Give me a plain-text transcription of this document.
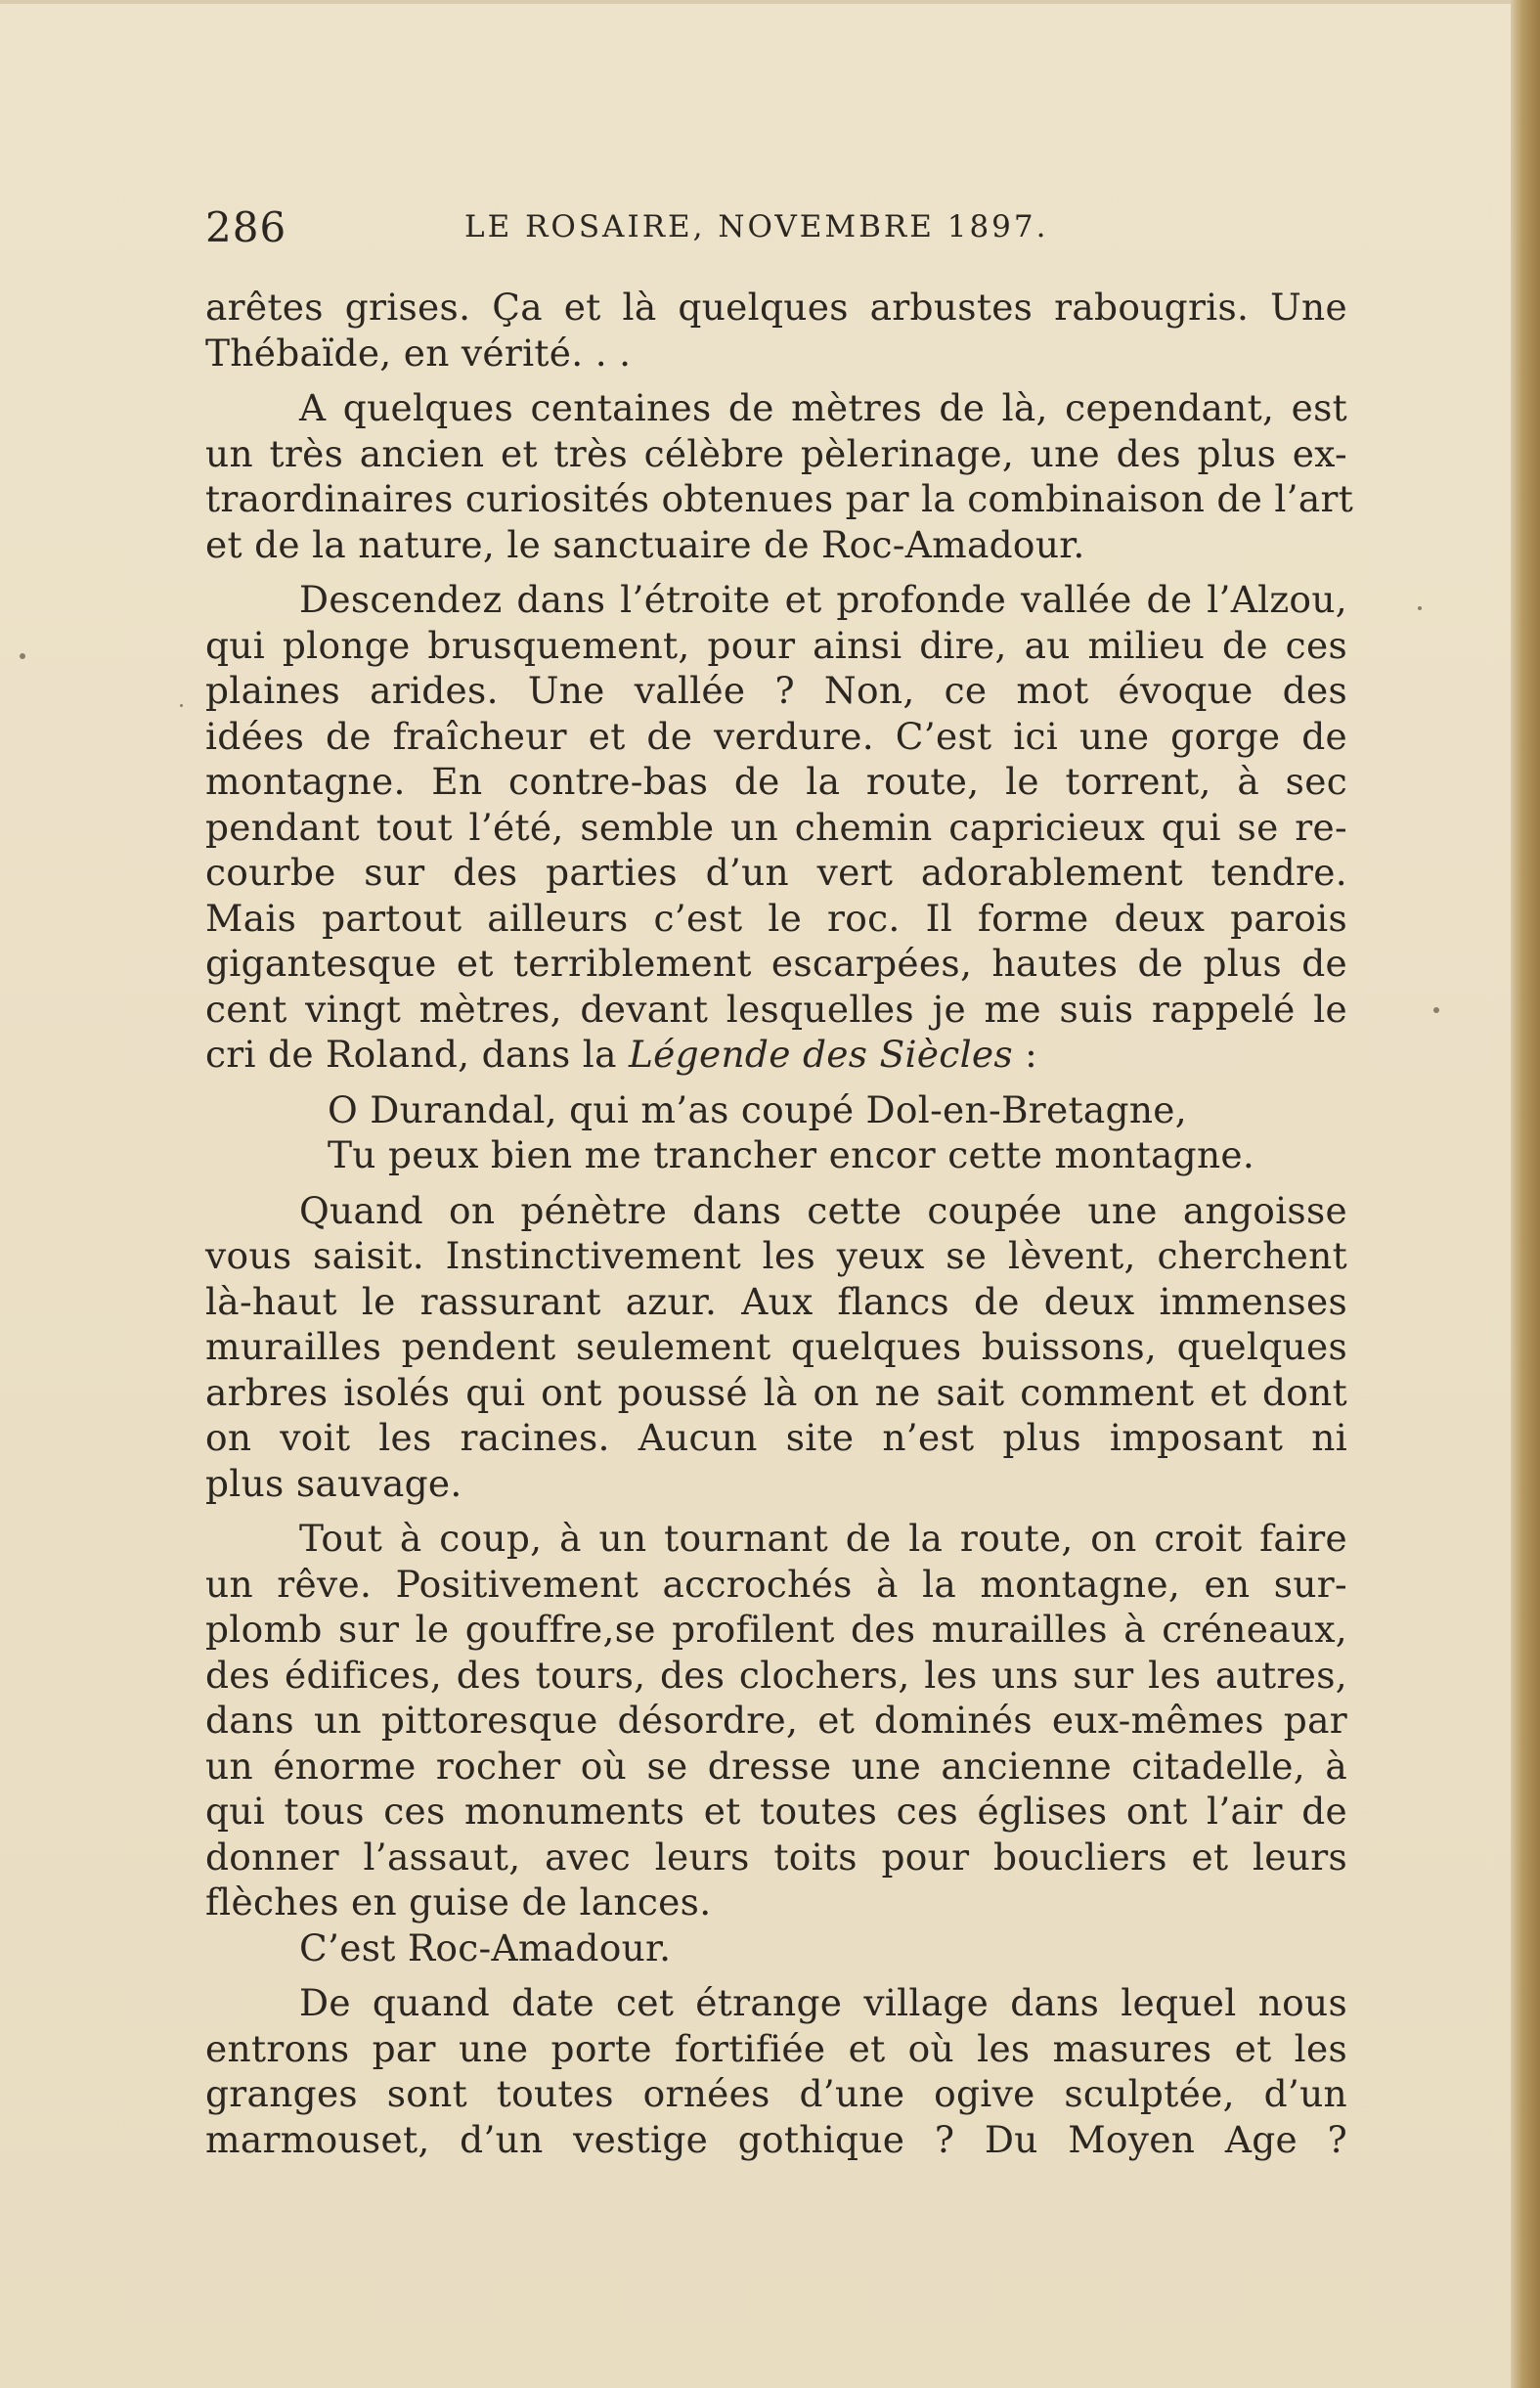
286	LE ROSAIRE, NOVEMBRE 1897.

arêtes grises. Ça et là quelques arbustes rabougris. Une
Thébaïde, en vérité. . .

A quelques centaines de mètres de là, cependant, est
un très ancien et très célèbre pèlerinage, une des plus ex-
traordinaires curiosités obtenues par la combinaison de l’art
et de la nature, le sanctuaire de Roc-Amadour.

Descendez dans l’étroite et profonde vallée de l’Alzou,
qui plonge brusquement, pour ainsi dire, au milieu de ces
plaines arides. Une vallée ? Non, ce mot évoque des
idées de fraîcheur et de verdure. C’est ici une gorge de
montagne. En contre-bas de la route, le torrent, à sec
pendant tout l’été, semble un chemin capricieux qui se re-
courbe sur des parties d’un vert adorablement tendre.
Mais partout ailleurs c’est le roc. Il forme deux parois
gigantesque et terriblement escarpées, hautes de plus de
cent vingt mètres, devant lesquelles je me suis rappelé le
cri de Roland, dans la Légende des Siècles :

O Durandal, qui m’as coupé Dol-en-Bretagne,
Tu peux bien me trancher encor cette montagne.

Quand on pénètre dans cette coupée une angoisse
vous saisit. Instinctivement les yeux se lèvent, cherchent
là-haut le rassurant azur. Aux flancs de deux immenses
murailles pendent seulement quelques buissons, quelques
arbres isolés qui ont poussé là on ne sait comment et dont
on voit les racines. Aucun site n’est plus imposant ni
plus sauvage.

Tout à coup, à un tournant de la route, on croit faire
un rêve. Positivement accrochés à la montagne, en sur-
plomb sur le gouffre,se profilent des murailles à créneaux,
des édifices, des tours, des clochers, les uns sur les autres,
dans un pittoresque désordre, et dominés eux-mêmes par
un énorme rocher où se dresse une ancienne citadelle, à
qui tous ces monuments et toutes ces églises ont l’air de
donner l’assaut, avec leurs toits pour boucliers et leurs
flèches en guise de lances.

C’est Roc-Amadour.

De quand date cet étrange village dans lequel nous
entrons par une porte fortifiée et où les masures et les
granges sont toutes ornées d’une ogive sculptée, d’un
marmouset, d’un vestige gothique ? Du Moyen Age ?
